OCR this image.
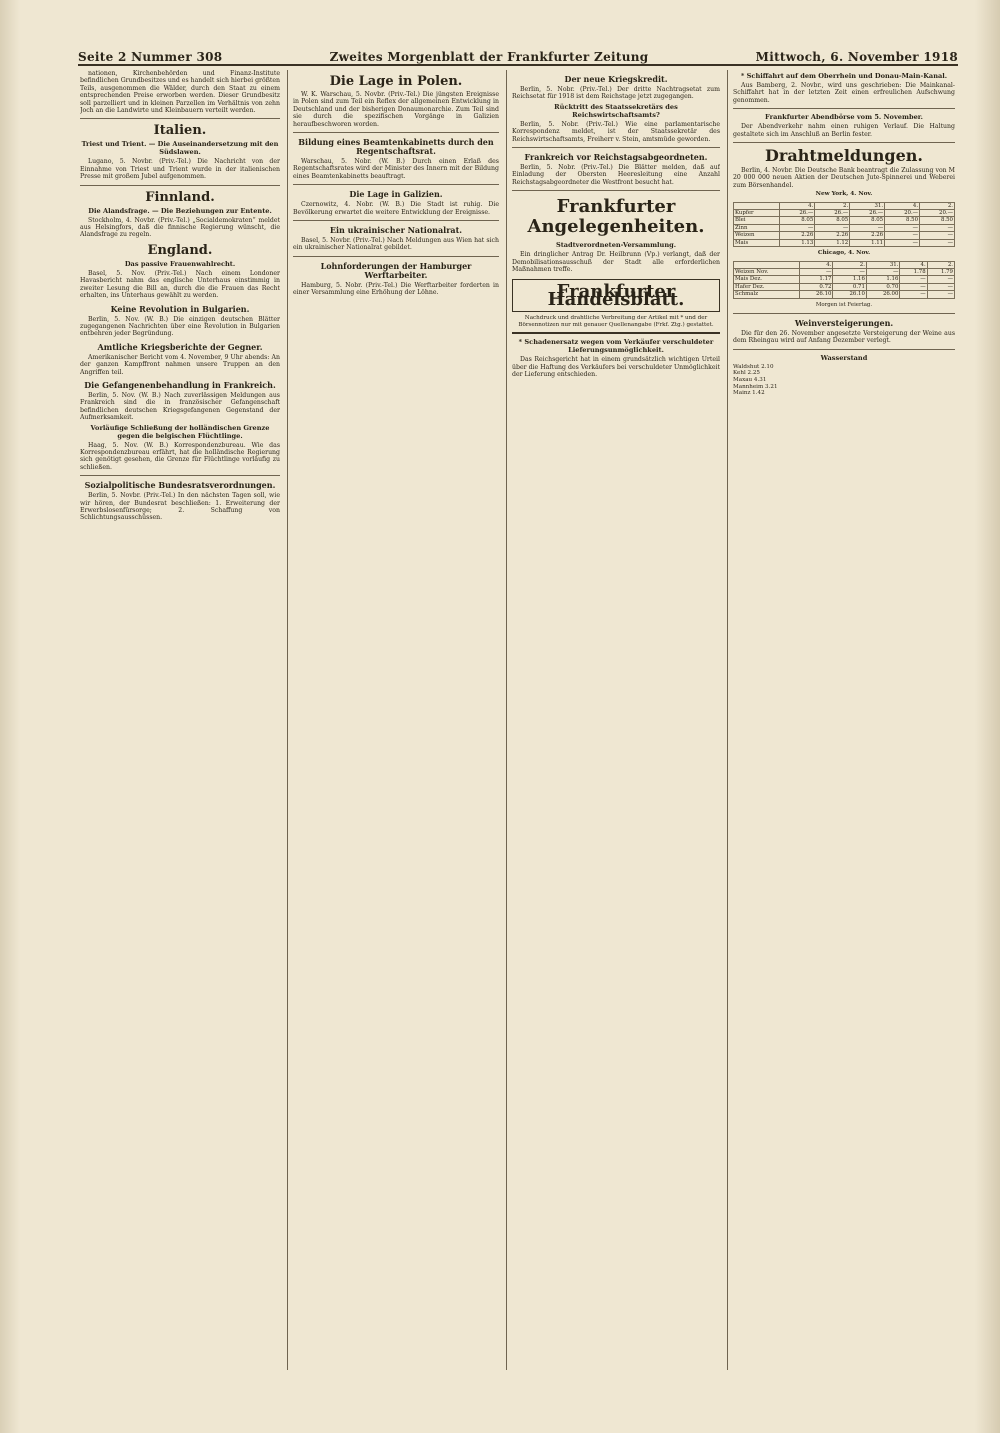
Seite 2 Nummer 308	Zweites Morgenblatt der Frankfurter Zeitung	Mittwoch, 6. November 1918

nationen, Kirchenbehörden und Finanz-Institute befindlichen Grundbesitzes und es handelt sich hierbei größten Teils, ausgenommen die Wälder, durch den Staat zu einem entsprechenden Preise erworben werden. Dieser Grundbesitz soll parzelliert und in kleinen Parzellen im Verhältnis von zehn Joch an die Landwirte und Kleinbauern verteilt werden.

Italien.
Triest und Trient. — Die Auseinandersetzung mit den Südslawen.

Lugano, 5. Novbr. (Priv.-Tel.) Die Nachricht von der Einnahme von Triest und Trient wurde in der italienischen Presse mit großem Jubel aufgenommen.

Finnland.
Die Alandsfrage. — Die Beziehungen zur Entente.

Stockholm, 4. Novbr. (Priv.-Tel.) „Socialdemokraten“ meldet aus Helsingfors, daß die finnische Regierung wünscht, die Alandsfrage zu regeln.

England.
Das passive Frauenwahlrecht.

Basel, 5. Nov. (Priv.-Tel.) Nach einem Londoner Havasbericht nahm das englische Unterhaus einstimmig in zweiter Lesung die Bill an, durch die die Frauen das Recht erhalten, ins Unterhaus gewählt zu werden.

Keine Revolution in Bulgarien.

Berlin, 5. Nov. (W. B.) Die einzigen deutschen Blätter zugegangenen Nachrichten über eine Revolution in Bulgarien entbehren jeder Begründung.

Amtliche Kriegsberichte der Gegner.

Amerikanischer Bericht vom 4. November, 9 Uhr abends: An der ganzen Kampffront nahmen unsere Truppen an den Angriffen teil.

Die Gefangenenbehandlung in Frankreich.

Berlin, 5. Nov. (W. B.) Nach zuverlässigen Meldungen aus Frankreich sind die in französischer Gefangenschaft befindlichen deutschen Kriegsgefangenen Gegenstand der Aufmerksamkeit.

Vorläufige Schließung der holländischen Grenze gegen die belgischen Flüchtlinge.

Haag, 5. Nov. (W. B.) Korrespondenzbureau. Wie das Korrespondenzbureau erfährt, hat die holländische Regierung sich genötigt gesehen, die Grenze für Flüchtlinge vorläufig zu schließen.

Sozialpolitische Bundesratsverordnungen.

Berlin, 5. Novbr. (Priv.-Tel.) In den nächsten Tagen soll, wie wir hören, der Bundesrat beschließen: 1. Erweiterung der Erwerbslosenfürsorge; 2. Schaffung von Schlichtungsausschüssen.

Die Lage in Polen.

W. K. Warschau, 5. Novbr. (Priv.-Tel.) Die jüngsten Ereignisse in Polen sind zum Teil ein Reflex der allgemeinen Entwicklung in Deutschland und der bisherigen Donaumonarchie. Zum Teil sind sie durch die spezifischen Vorgänge in Galizien heraufbeschworen worden.

Bildung eines Beamtenkabinetts durch den Regentschaftsrat.

Warschau, 5. Nobr. (W. B.) Durch einen Erlaß des Regentschaftsrates wird der Minister des Innern mit der Bildung eines Beamtenkabinetts beauftragt.

Die Lage in Galizien.

Czernowitz, 4. Nobr. (W. B.) Die Stadt ist ruhig. Die Bevölkerung erwartet die weitere Entwicklung der Ereignisse.

Ein ukrainischer Nationalrat.

Basel, 5. Novbr. (Priv.-Tel.) Nach Meldungen aus Wien hat sich ein ukrainischer Nationalrat gebildet.

Lohnforderungen der Hamburger Werftarbeiter.

Hamburg, 5. Nobr. (Priv.-Tel.) Die Werftarbeiter forderten in einer Versammlung eine Erhöhung der Löhne.

Der neue Kriegskredit.

Berlin, 5. Nobr. (Priv.-Tel.) Der dritte Nachtragsetat zum Reichsetat für 1918 ist dem Reichstage jetzt zugegangen.

Rücktritt des Staatssekretärs des Reichswirtschaftsamts?

Berlin, 5. Nobr. (Priv.-Tel.) Wie eine parlamentarische Korrespondenz meldet, ist der Staatssekretär des Reichswirtschaftsamts, Freiherr v. Stein, amtsmüde geworden.

Frankreich vor Reichstagsabgeordneten.

Berlin, 5. Nobr. (Priv.-Tel.) Die Blätter melden, daß auf Einladung der Obersten Heeresleitung eine Anzahl Reichstagsabgeordneter die Westfront besucht hat.

Frankfurter Angelegenheiten.
Stadtverordneten-Versammlung.

Ein dringlicher Antrag Dr. Heilbrunn (Vp.) verlangt, daß der Demobilisationsausschuß der Stadt alle erforderlichen Maßnahmen treffe.

Frankfurter Handelsblatt.
Nachdruck und drahtliche Verbreitung der Artikel mit * und der Börsennotizen nur mit genauer Quellenangabe (Frkf. Ztg.) gestattet.
* Schadenersatz wegen vom Verkäufer verschuldeter Lieferungsunmöglichkeit.

Das Reichsgericht hat in einem grundsätzlich wichtigen Urteil über die Haftung des Verkäufers bei verschuldeter Unmöglichkeit der Lieferung entschieden.

* Schiffahrt auf dem Oberrhein und Donau-Main-Kanal.

Aus Bamberg, 2. Novbr., wird uns geschrieben: Die Mainkanal-Schiffahrt hat in der letzten Zeit einen erfreulichen Aufschwung genommen.

Frankfurter Abendbörse vom 5. November.

Der Abendverkehr nahm einen ruhigen Verlauf. Die Haltung gestaltete sich im Anschluß an Berlin fester.

Drahtmeldungen.

Berlin, 4. Novbr. Die Deutsche Bank beantragt die Zulassung von M 20 000 000 neuen Aktien der Deutschen Jute-Spinnerei und Weberei zum Börsenhandel.

New York, 4. Nov.
	4.	2.	31.	4.	2.
Kupfer	26.—	26.—	26.—	20.—	20.—
Blei	8.05	8.05	8.05	8.50	8.50
Zinn	—	—	—	—	—
Weizen	2.26	2.26	2.26	—	—
Mais	1.13	1.12	1.11	—	—
Chicago, 4. Nov.
	4.	2.	31.	4.	2.
Weizen Nov.	—	—	—	1.78	1.79
Mais Dez.	1.17	1.16	1.16	—	—
Hafer Dez.	0.72	0.71	0.70	—	—
Schmalz	26.10	26.10	26.00	—	—
Morgen ist Feiertag.
Weinversteigerungen.

Die für den 26. November angesetzte Versteigerung der Weine aus dem Rheingau wird auf Anfang Dezember verlegt.

Wasserstand
Waldshut 2.10
Kehl 2.25
Maxau 4.31
Mannheim 3.21
Mainz 1.42
